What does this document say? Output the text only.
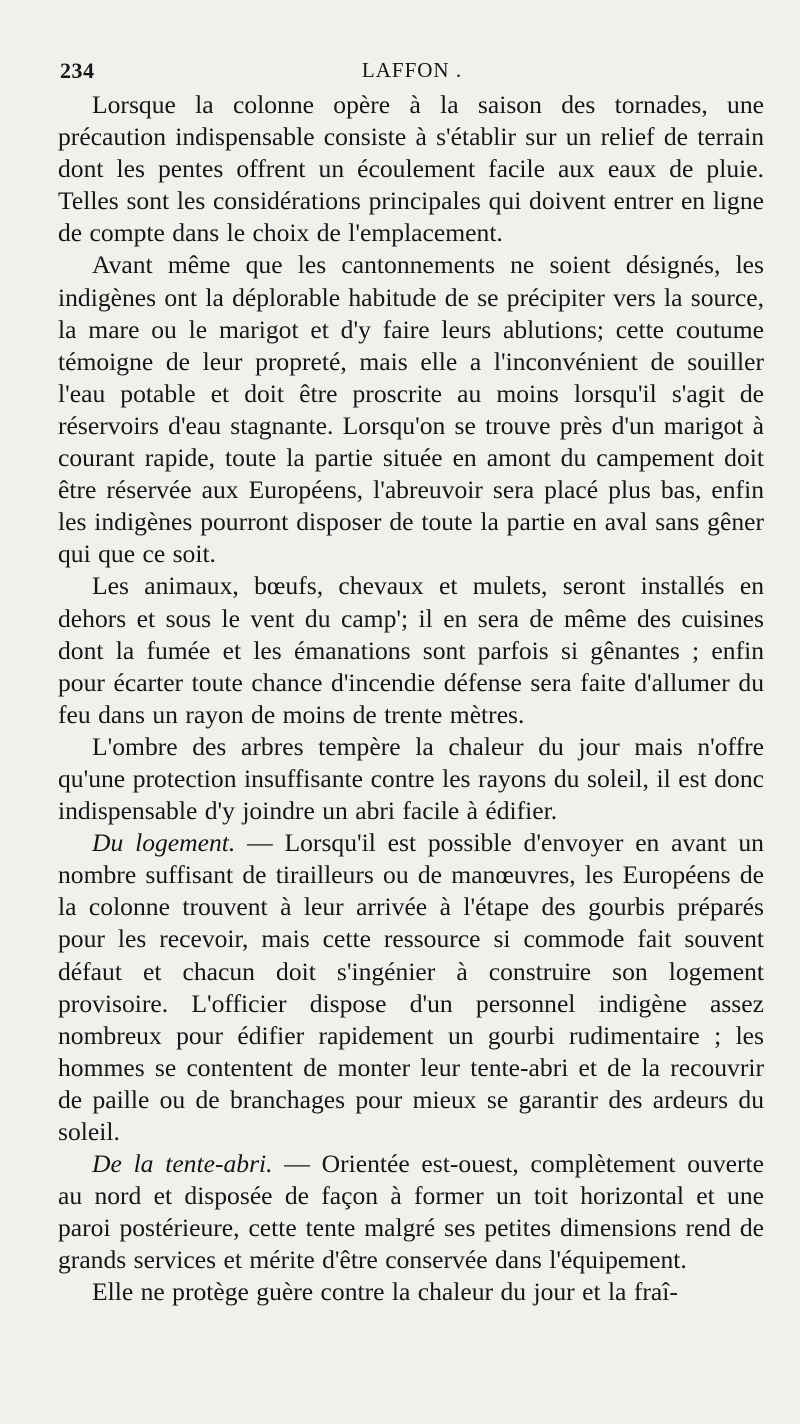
234	LAFFON .

Lorsque la colonne opère à la saison des tornades, une précaution indispensable consiste à s'établir sur un relief de terrain dont les pentes offrent un écoulement facile aux eaux de pluie. Telles sont les considérations principales qui doivent entrer en ligne de compte dans le choix de l'emplacement.

Avant même que les cantonnements ne soient désignés, les indigènes ont la déplorable habitude de se précipiter vers la source, la mare ou le marigot et d'y faire leurs ablutions; cette coutume témoigne de leur propreté, mais elle a l'inconvénient de souiller l'eau potable et doit être proscrite au moins lorsqu'il s'agit de réservoirs d'eau stagnante. Lorsqu'on se trouve près d'un marigot à courant rapide, toute la partie située en amont du campement doit être réservée aux Européens, l'abreuvoir sera placé plus bas, enfin les indigènes pourront disposer de toute la partie en aval sans gêner qui que ce soit.

Les animaux, bœufs, chevaux et mulets, seront installés en dehors et sous le vent du camp'; il en sera de même des cuisines dont la fumée et les émanations sont parfois si gênantes ; enfin pour écarter toute chance d'incendie défense sera faite d'allumer du feu dans un rayon de moins de trente mètres.

L'ombre des arbres tempère la chaleur du jour mais n'offre qu'une protection insuffisante contre les rayons du soleil, il est donc indispensable d'y joindre un abri facile à édifier.

Du logement. — Lorsqu'il est possible d'envoyer en avant un nombre suffisant de tirailleurs ou de manœuvres, les Européens de la colonne trouvent à leur arrivée à l'étape des gourbis préparés pour les recevoir, mais cette ressource si commode fait souvent défaut et chacun doit s'ingénier à construire son logement provisoire. L'officier dispose d'un personnel indigène assez nombreux pour édifier rapidement un gourbi rudimentaire ; les hommes se contentent de monter leur tente-abri et de la recouvrir de paille ou de branchages pour mieux se garantir des ardeurs du soleil.

De la tente-abri. — Orientée est-ouest, complètement ouverte au nord et disposée de façon à former un toit horizontal et une paroi postérieure, cette tente malgré ses petites dimensions rend de grands services et mérite d'être conservée dans l'équipement.

Elle ne protège guère contre la chaleur du jour et la fraî-
